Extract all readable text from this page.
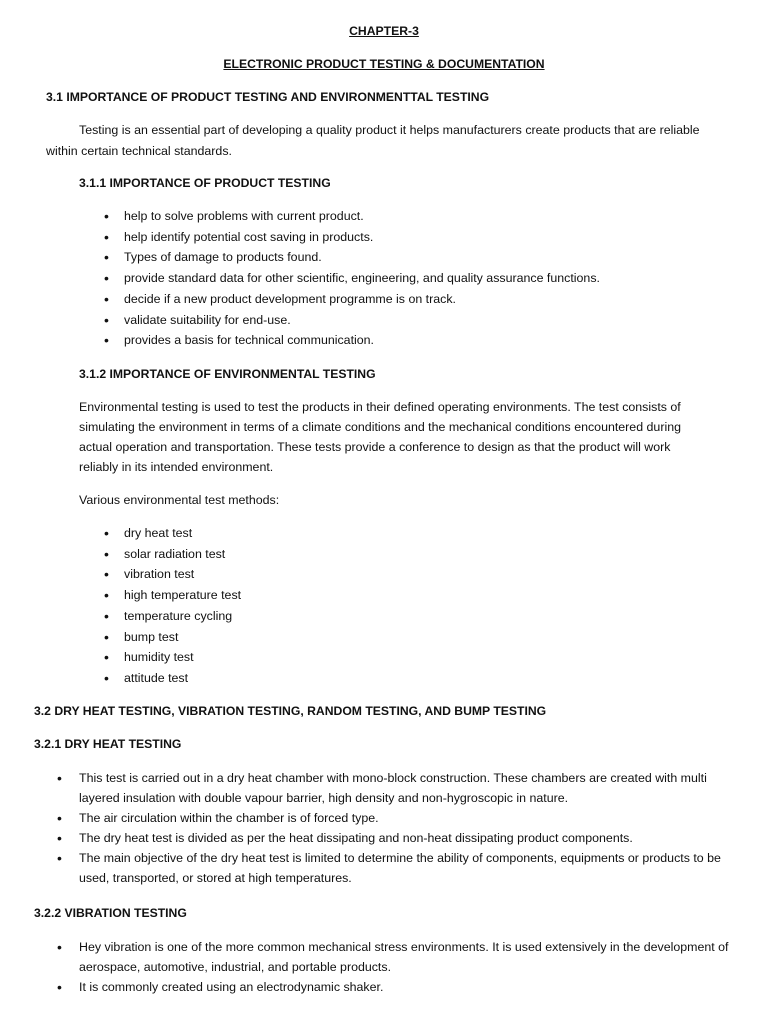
CHAPTER-3
ELECTRONIC PRODUCT TESTING & DOCUMENTATION
3.1 IMPORTANCE OF PRODUCT TESTING AND ENVIRONMENTTAL TESTING
Testing is an essential part of developing a quality product it helps manufacturers create products that are reliable
within certain technical standards.
3.1.1 IMPORTANCE OF PRODUCT TESTING
• help to solve problems with current product.
• help identify potential cost saving in products.
• Types of damage to products found.
• provide standard data for other scientific, engineering, and quality assurance functions.
• decide if a new product development programme is on track.
• validate suitability for end-use.
• provides a basis for technical communication.
3.1.2 IMPORTANCE OF ENVIRONMENTAL TESTING
Environmental testing is used to test the products in their defined operating environments. The test consists of
simulating the environment in terms of a climate conditions and the mechanical conditions encountered during
actual operation and transportation. These tests provide a conference to design as that the product will work
reliably in its intended environment.
Various environmental test methods:
• dry heat test
• solar radiation test
• vibration test
• high temperature test
• temperature cycling
• bump test
• humidity test
• attitude test
3.2 DRY HEAT TESTING, VIBRATION TESTING, RANDOM TESTING, AND BUMP TESTING
3.2.1 DRY HEAT TESTING
• This test is carried out in a dry heat chamber with mono-block construction. These chambers are created with multi layered insulation with double vapour barrier, high density and non-hygroscopic in nature.
• The air circulation within the chamber is of forced type.
• The dry heat test is divided as per the heat dissipating and non-heat dissipating product components.
• The main objective of the dry heat test is limited to determine the ability of components, equipments or products to be used, transported, or stored at high temperatures.
3.2.2 VIBRATION TESTING
• Hey vibration is one of the more common mechanical stress environments. It is used extensively in the development of aerospace, automotive, industrial, and portable products.
• It is commonly created using an electrodynamic shaker.
